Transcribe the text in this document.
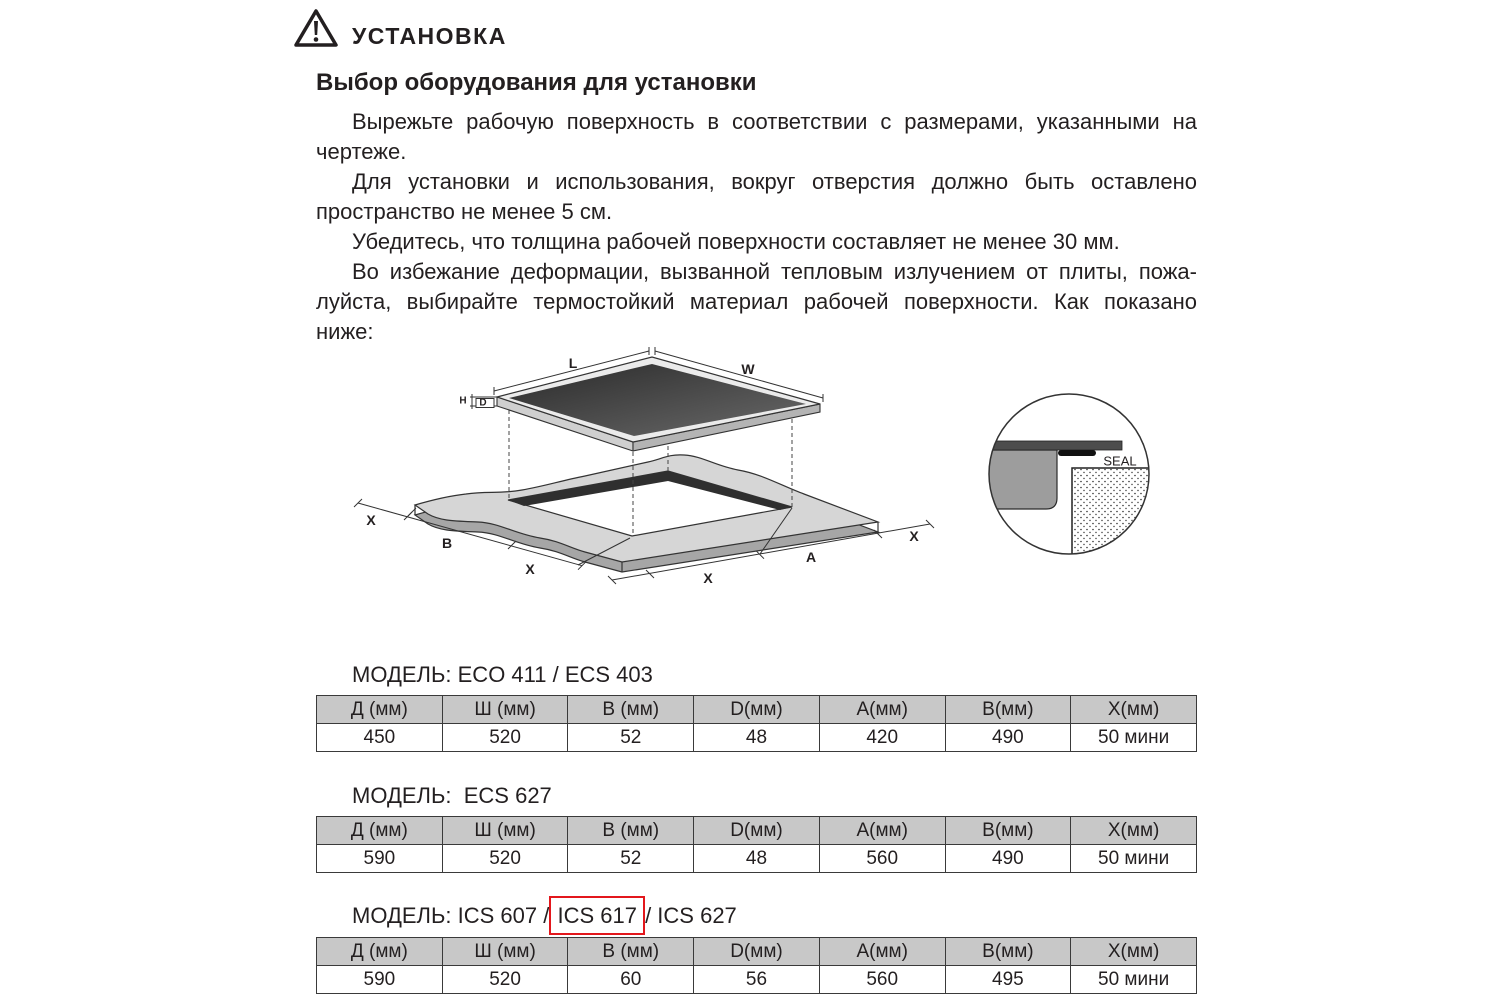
УСТАНОВКА
Выбор оборудования для установки
Вырежьте рабочую поверхность в соответствии с размерами, указанными на
чертеже.
Для установки и использования, вокруг отверстия должно быть оставлено
пространство не менее 5 см.
Убедитесь, что толщина рабочей поверхности составляет не менее 30 мм.
Во избежание деформации, вызванной тепловым излучением от плиты, пожа-
луйста, выбирайте термостойкий материал рабочей поверхности. Как показано
ниже:
L	W
H D
X
B
X
X
A
X
SEAL
МОДЕЛЬ: ECO 411 / ECS 403
Д (мм)	Ш (мм)	В (мм)	D(мм)	А(мм)	В(мм)	Х(мм)
450	520	52	48	420	490	50 мини
МОДЕЛЬ:  ECS 627
Д (мм)	Ш (мм)	В (мм)	D(мм)	А(мм)	В(мм)	Х(мм)
590	520	52	48	560	490	50 мини
МОДЕЛЬ: ICS 607 / ICS 617 / ICS 627
Д (мм)	Ш (мм)	В (мм)	D(мм)	А(мм)	В(мм)	Х(мм)
590	520	60	56	560	495	50 мини
